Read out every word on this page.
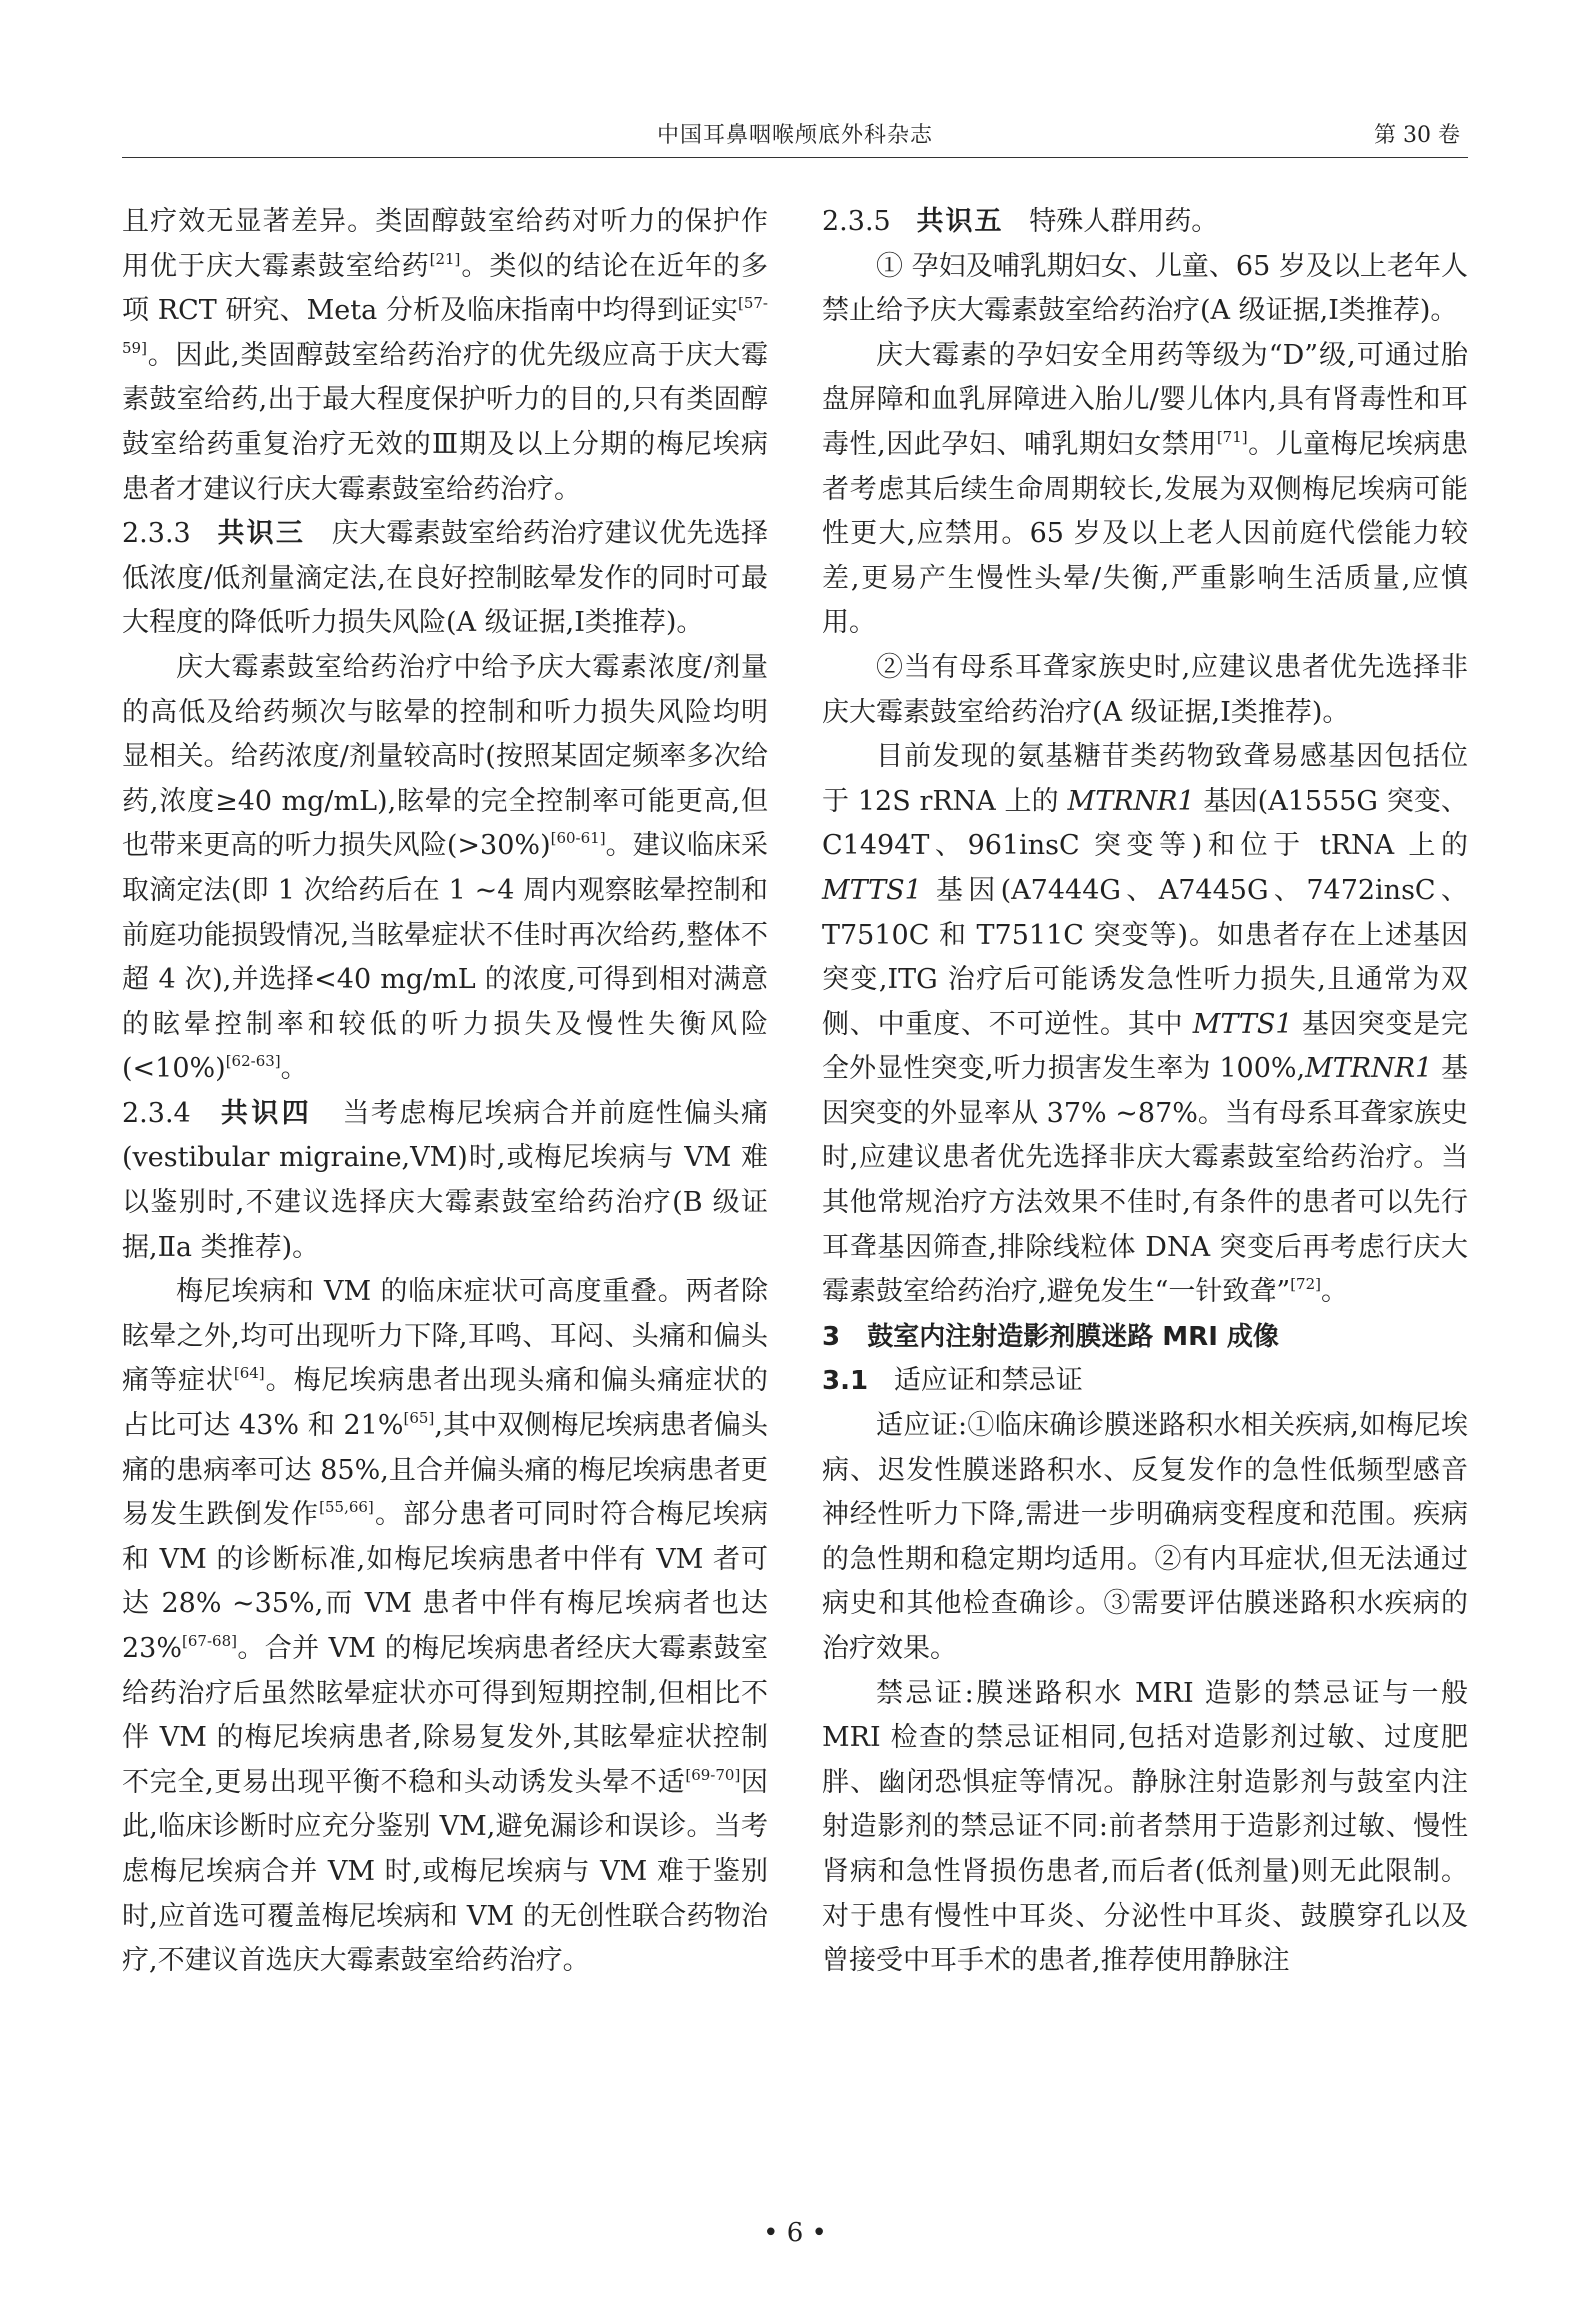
中国耳鼻咽喉颅底外科杂志	第 30 卷

且疗效无显著差异。类固醇鼓室给药对听力的保护作用优于庆大霉素鼓室给药[21]。类似的结论在近年的多项 RCT 研究、Meta 分析及临床指南中均得到证实[57-59]。因此,类固醇鼓室给药治疗的优先级应高于庆大霉素鼓室给药,出于最大程度保护听力的目的,只有类固醇鼓室给药重复治疗无效的Ⅲ期及以上分期的梅尼埃病患者才建议行庆大霉素鼓室给药治疗。

2.3.3 共识三 庆大霉素鼓室给药治疗建议优先选择低浓度/低剂量滴定法,在良好控制眩晕发作的同时可最大程度的降低听力损失风险(A 级证据,Ⅰ类推荐)。

庆大霉素鼓室给药治疗中给予庆大霉素浓度/剂量的高低及给药频次与眩晕的控制和听力损失风险均明显相关。给药浓度/剂量较高时(按照某固定频率多次给药,浓度≥40 mg/mL),眩晕的完全控制率可能更高,但也带来更高的听力损失风险(>30%)[60-61]。建议临床采取滴定法(即 1 次给药后在 1 ~4 周内观察眩晕控制和前庭功能损毁情况,当眩晕症状不佳时再次给药,整体不超 4 次),并选择<40 mg/mL 的浓度,可得到相对满意的眩晕控制率和较低的听力损失及慢性失衡风险(<10%)[62-63]。

2.3.4 共识四 当考虑梅尼埃病合并前庭性偏头痛(vestibular migraine,VM)时,或梅尼埃病与 VM 难以鉴别时,不建议选择庆大霉素鼓室给药治疗(B 级证据,Ⅱa 类推荐)。

梅尼埃病和 VM 的临床症状可高度重叠。两者除眩晕之外,均可出现听力下降,耳鸣、耳闷、头痛和偏头痛等症状[64]。梅尼埃病患者出现头痛和偏头痛症状的占比可达 43% 和 21%[65],其中双侧梅尼埃病患者偏头痛的患病率可达 85%,且合并偏头痛的梅尼埃病患者更易发生跌倒发作[55,66]。部分患者可同时符合梅尼埃病和 VM 的诊断标准,如梅尼埃病患者中伴有 VM 者可达 28% ~35%,而 VM 患者中伴有梅尼埃病者也达 23%[67-68]。合并 VM 的梅尼埃病患者经庆大霉素鼓室给药治疗后虽然眩晕症状亦可得到短期控制,但相比不伴 VM 的梅尼埃病患者,除易复发外,其眩晕症状控制不完全,更易出现平衡不稳和头动诱发头晕不适[69-70]因此,临床诊断时应充分鉴别 VM,避免漏诊和误诊。当考虑梅尼埃病合并 VM 时,或梅尼埃病与 VM 难于鉴别时,应首选可覆盖梅尼埃病和 VM 的无创性联合药物治疗,不建议首选庆大霉素鼓室给药治疗。

2.3.5 共识五 特殊人群用药。

① 孕妇及哺乳期妇女、儿童、65 岁及以上老年人禁止给予庆大霉素鼓室给药治疗(A 级证据,Ⅰ类推荐)。

庆大霉素的孕妇安全用药等级为“D”级,可通过胎盘屏障和血乳屏障进入胎儿/婴儿体内,具有肾毒性和耳毒性,因此孕妇、哺乳期妇女禁用[71]。儿童梅尼埃病患者考虑其后续生命周期较长,发展为双侧梅尼埃病可能性更大,应禁用。65 岁及以上老人因前庭代偿能力较差,更易产生慢性头晕/失衡,严重影响生活质量,应慎用。

②当有母系耳聋家族史时,应建议患者优先选择非庆大霉素鼓室给药治疗(A 级证据,Ⅰ类推荐)。

目前发现的氨基糖苷类药物致聋易感基因包括位于 12S rRNA 上的 MTRNR1 基因(A1555G 突变、C1494T、961insC 突变等)和位于 tRNA 上的 MTTS1 基因(A7444G、A7445G、7472insC、T7510C 和 T7511C 突变等)。如患者存在上述基因突变,ITG 治疗后可能诱发急性听力损失,且通常为双侧、中重度、不可逆性。其中 MTTS1 基因突变是完全外显性突变,听力损害发生率为 100%,MTRNR1 基因突变的外显率从 37% ~87%。当有母系耳聋家族史时,应建议患者优先选择非庆大霉素鼓室给药治疗。当其他常规治疗方法效果不佳时,有条件的患者可以先行耳聋基因筛查,排除线粒体 DNA 突变后再考虑行庆大霉素鼓室给药治疗,避免发生“一针致聋”[72]。

3 鼓室内注射造影剂膜迷路 MRI 成像

3.1 适应证和禁忌证

适应证:①临床确诊膜迷路积水相关疾病,如梅尼埃病、迟发性膜迷路积水、反复发作的急性低频型感音神经性听力下降,需进一步明确病变程度和范围。疾病的急性期和稳定期均适用。②有内耳症状,但无法通过病史和其他检查确诊。③需要评估膜迷路积水疾病的治疗效果。

禁忌证:膜迷路积水 MRI 造影的禁忌证与一般 MRI 检查的禁忌证相同,包括对造影剂过敏、过度肥胖、幽闭恐惧症等情况。静脉注射造影剂与鼓室内注射造影剂的禁忌证不同:前者禁用于造影剂过敏、慢性肾病和急性肾损伤患者,而后者(低剂量)则无此限制。对于患有慢性中耳炎、分泌性中耳炎、鼓膜穿孔以及曾接受中耳手术的患者,推荐使用静脉注

• 6 •
